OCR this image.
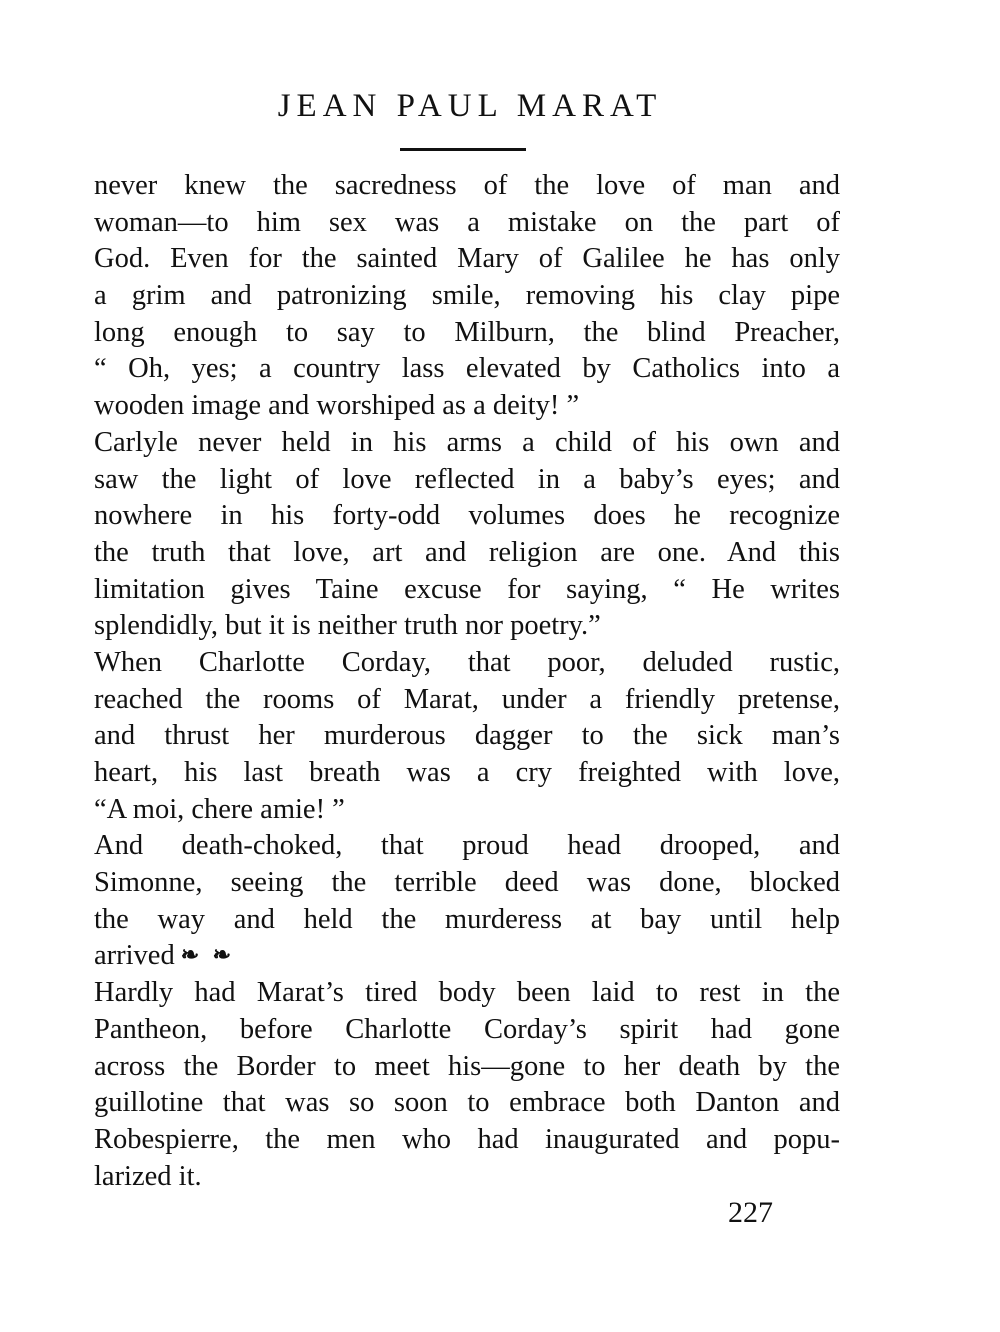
JEAN PAUL MARAT
never knew the sacredness of the love of man and
woman—to him sex was a mistake on the part of
God. Even for the sainted Mary of Galilee he has only
a grim and patronizing smile, removing his clay pipe
long enough to say to Milburn, the blind Preacher,
“ Oh, yes; a country lass elevated by Catholics into a
wooden image and worshiped as a deity! ”
Carlyle never held in his arms a child of his own and
saw the light of love reflected in a baby’s eyes; and
nowhere in his forty-odd volumes does he recognize
the truth that love, art and religion are one. And this
limitation gives Taine excuse for saying, “ He writes
splendidly, but it is neither truth nor poetry.”
When Charlotte Corday, that poor, deluded rustic,
reached the rooms of Marat, under a friendly pretense,
and thrust her murderous dagger to the sick man’s
heart, his last breath was a cry freighted with love,
“A moi, chere amie! ”
And death-choked, that proud head drooped, and
Simonne, seeing the terrible deed was done, blocked
the way and held the murderess at bay until help
arrived ❧ ❧
Hardly had Marat’s tired body been laid to rest in the
Pantheon, before Charlotte Corday’s spirit had gone
across the Border to meet his—gone to her death by the
guillotine that was so soon to embrace both Danton and
Robespierre, the men who had inaugurated and popu-
larized it.
227
